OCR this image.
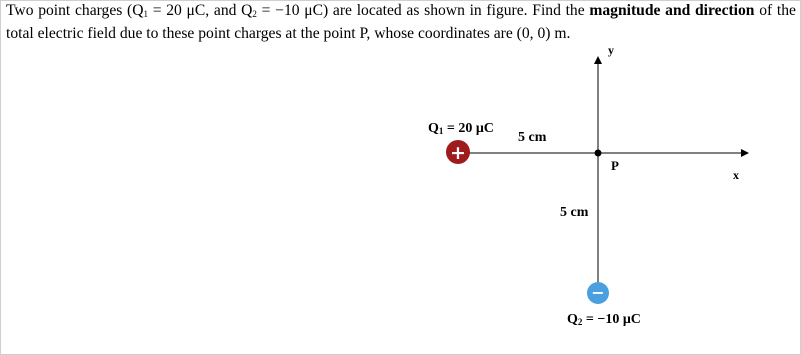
Two point charges ($Q_1 = 20$ μC, and $Q_2 = -10$ μC) are located as shown in figure. Find the magnitude and direction of the total electric field due to these point charges at the point P, whose coordinates are (0, 0) m.
+
−
$Q_1 = 20$ μC
5 cm
P
x
y
5 cm
$Q_2 = -10$ μC
